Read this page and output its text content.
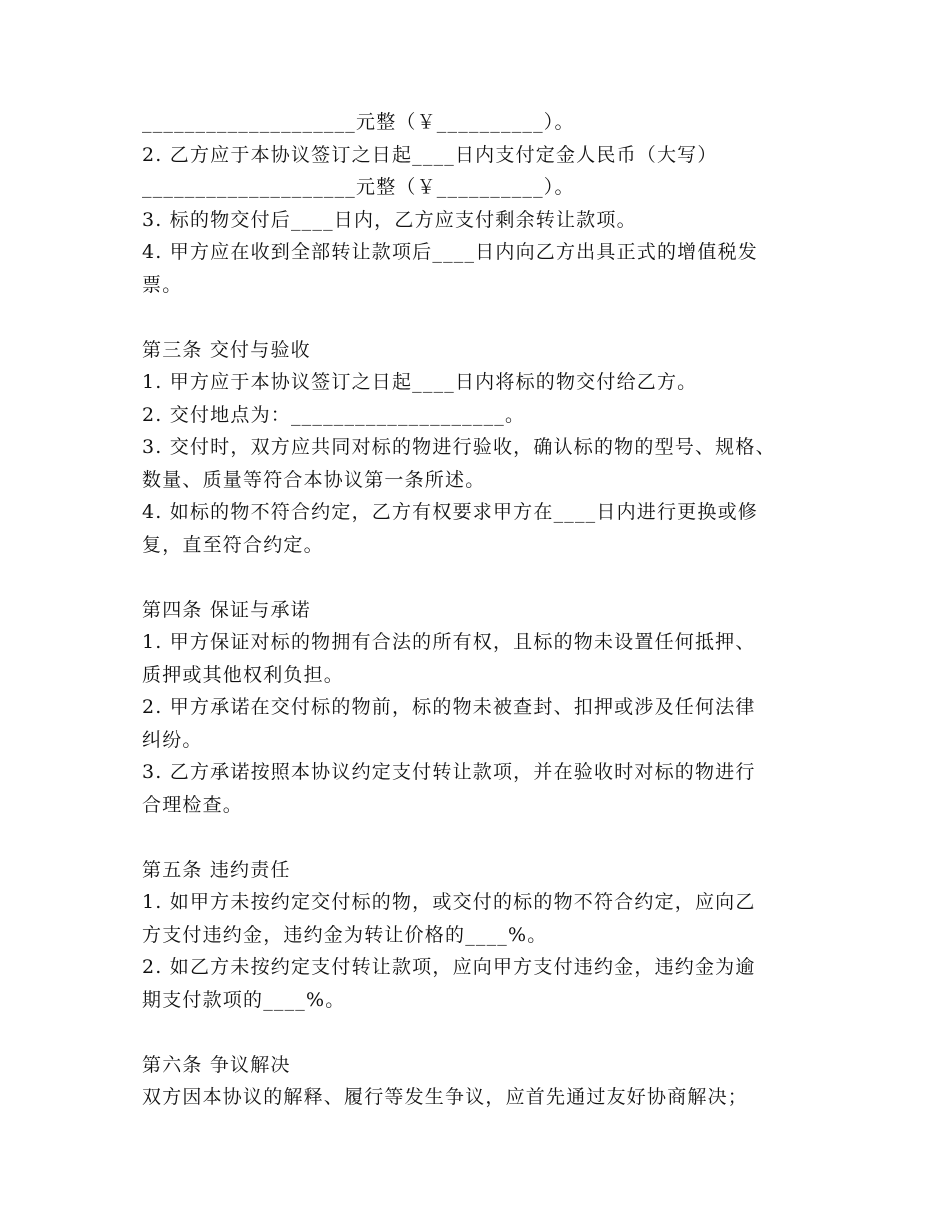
____________________元整（￥__________）。
2. 乙方应于本协议签订之日起____日内支付定金人民币（大写）
____________________元整（￥__________）。
3. 标的物交付后____日内，乙方应支付剩余转让款项。
4. 甲方应在收到全部转让款项后____日内向乙方出具正式的增值税发
票。
第三条 交付与验收
1. 甲方应于本协议签订之日起____日内将标的物交付给乙方。
2. 交付地点为：____________________。
3. 交付时，双方应共同对标的物进行验收，确认标的物的型号、规格、
数量、质量等符合本协议第一条所述。
4. 如标的物不符合约定，乙方有权要求甲方在____日内进行更换或修
复，直至符合约定。
第四条 保证与承诺
1. 甲方保证对标的物拥有合法的所有权，且标的物未设置任何抵押、
质押或其他权利负担。
2. 甲方承诺在交付标的物前，标的物未被查封、扣押或涉及任何法律
纠纷。
3. 乙方承诺按照本协议约定支付转让款项，并在验收时对标的物进行
合理检查。
第五条 违约责任
1. 如甲方未按约定交付标的物，或交付的标的物不符合约定，应向乙
方支付违约金，违约金为转让价格的____%。
2. 如乙方未按约定支付转让款项，应向甲方支付违约金，违约金为逾
期支付款项的____%。
第六条 争议解决
双方因本协议的解释、履行等发生争议，应首先通过友好协商解决；
